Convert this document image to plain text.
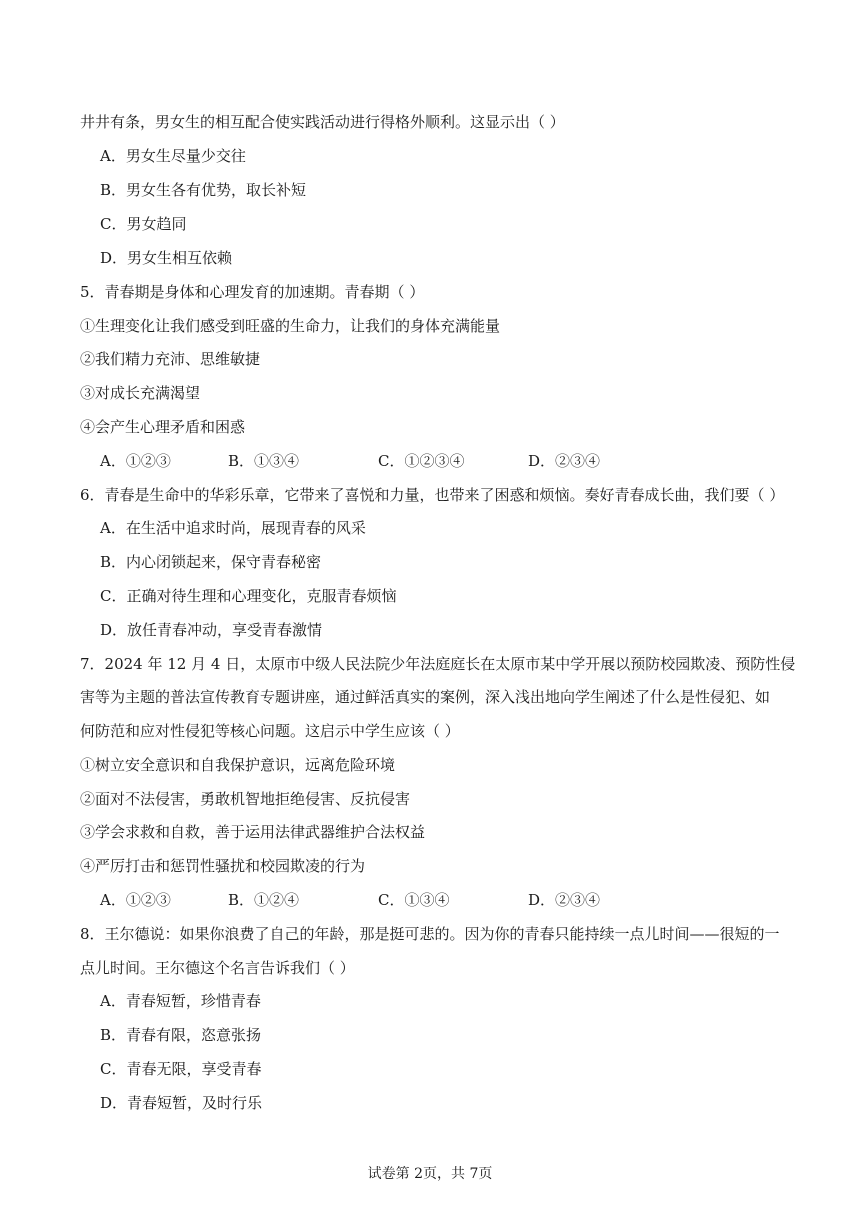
井井有条，男女生的相互配合使实践活动进行得格外顺利。这显示出（ ）
A．男女生尽量少交往
B．男女生各有优势，取长补短
C．男女趋同
D．男女生相互依赖
5．青春期是身体和心理发育的加速期。青春期（ ）
①生理变化让我们感受到旺盛的生命力，让我们的身体充满能量
②我们精力充沛、思维敏捷
③对成长充满渴望
④会产生心理矛盾和困惑
A．①②③	B．①③④	C．①②③④	D．②③④
6．青春是生命中的华彩乐章，它带来了喜悦和力量，也带来了困惑和烦恼。奏好青春成长曲，我们要（ ）
A．在生活中追求时尚，展现青春的风采
B．内心闭锁起来，保守青春秘密
C．正确对待生理和心理变化，克服青春烦恼
D．放任青春冲动，享受青春激情
7．2024 年 12 月 4 日，太原市中级人民法院少年法庭庭长在太原市某中学开展以预防校园欺凌、预防性侵
害等为主题的普法宣传教育专题讲座，通过鲜活真实的案例，深入浅出地向学生阐述了什么是性侵犯、如
何防范和应对性侵犯等核心问题。这启示中学生应该（ ）
①树立安全意识和自我保护意识，远离危险环境
②面对不法侵害，勇敢机智地拒绝侵害、反抗侵害
③学会求救和自救，善于运用法律武器维护合法权益
④严厉打击和惩罚性骚扰和校园欺凌的行为
A．①②③	B．①②④	C．①③④	D．②③④
8．王尔德说：如果你浪费了自己的年龄，那是挺可悲的。因为你的青春只能持续一点儿时间——很短的一
点儿时间。王尔德这个名言告诉我们（ ）
A．青春短暂，珍惜青春
B．青春有限，恣意张扬
C．青春无限，享受青春
D．青春短暂，及时行乐
试卷第 2页，共 7页
